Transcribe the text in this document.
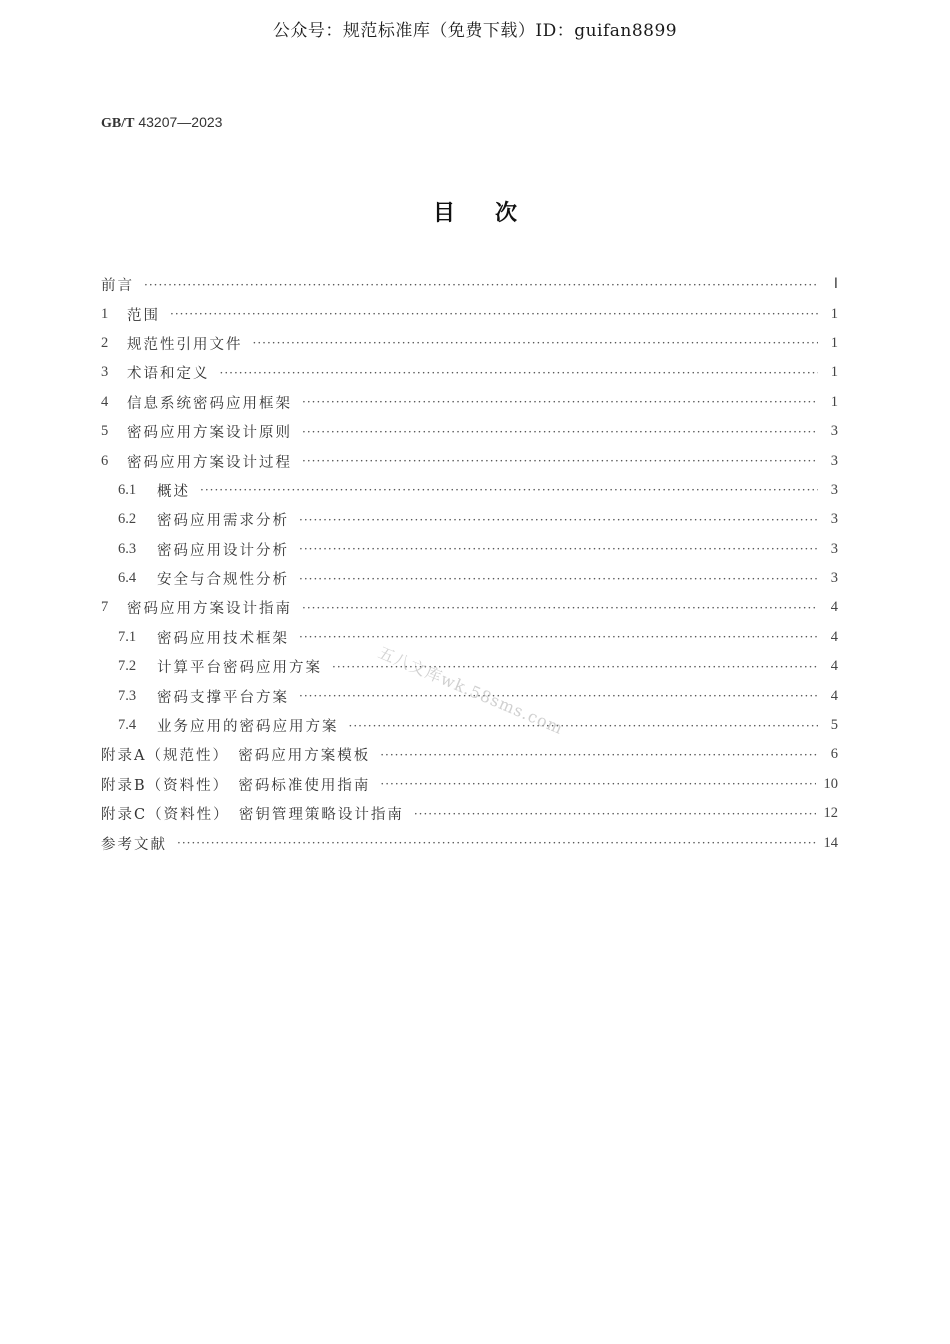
公众号：规范标准库（免费下载）ID：guifan8899
GB/T 43207—2023
目次
前言 ·····	Ⅰ
1	范围 ·····	1
2	规范性引用文件 ·····	1
3	术语和定义 ·····	1
4	信息系统密码应用框架 ·····	1
5	密码应用方案设计原则 ·····	3
6	密码应用方案设计过程 ·····	3
6.1	概述 ·····	3
6.2	密码应用需求分析 ·····	3
6.3	密码应用设计分析 ·····	3
6.4	安全与合规性分析 ·····	3
7	密码应用方案设计指南 ·····	4
7.1	密码应用技术框架 ·····	4
7.2	计算平台密码应用方案 ·····	4
7.3	密码支撑平台方案 ·····	4
7.4	业务应用的密码应用方案 ·····	5
附录A（规范性）　密码应用方案模板 ·····	6
附录B（资料性）　密码标准使用指南 ·····	10
附录C（资料性）　密钥管理策略设计指南 ·····	12
参考文献 ·····	14
五八文库wk.58sms.com
